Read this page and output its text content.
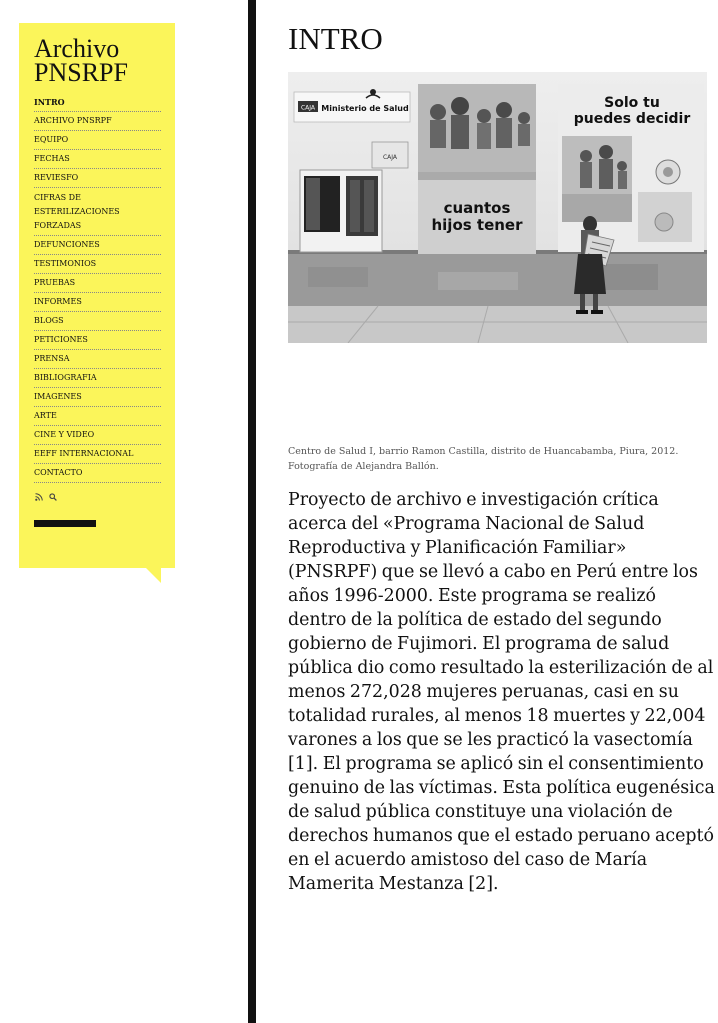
Archivo
PNSRPF
INTRO
ARCHIVO PNSRPF
EQUIPO
FECHAS
REVIESFO
CIFRAS DE ESTERILIZACIONES FORZADAS
DEFUNCIONES
TESTIMONIOS
PRUEBAS
INFORMES
BLOGS
PETICIONES
PRENSA
BIBLIOGRAFIA
IMAGENES
ARTE
CINE Y VIDEO
EEFF INTERNACIONAL
CONTACTO
INTRO
CAJA Ministerio de Salud
cuantos
hijos tener
CAJA
Solo tu
puedes decidir
Centro de Salud I, barrio Ramon Castilla, distrito de Huancabamba, Piura, 2012. Fotografía de Alejandra Ballón.
Proyecto de archivo e investigación crítica acerca del «Programa Nacional de Salud Reproductiva y Planificación Familiar» (PNSRPF) que se llevó a cabo en Perú entre los años 1996-2000. Este programa se realizó dentro de la política de estado del segundo gobierno de Fujimori. El programa de salud pública dio como resultado la esterilización de al menos 272,028 mujeres peruanas, casi en su totalidad rurales, al menos 18 muertes y 22,004 varones a los que se les practicó la vasectomía [1]. El programa se aplicó sin el consentimiento genuino de las víctimas. Esta política eugenésica de salud pública constituye una violación de derechos humanos que el estado peruano aceptó en el acuerdo amistoso del caso de María Mamerita Mestanza [2].
